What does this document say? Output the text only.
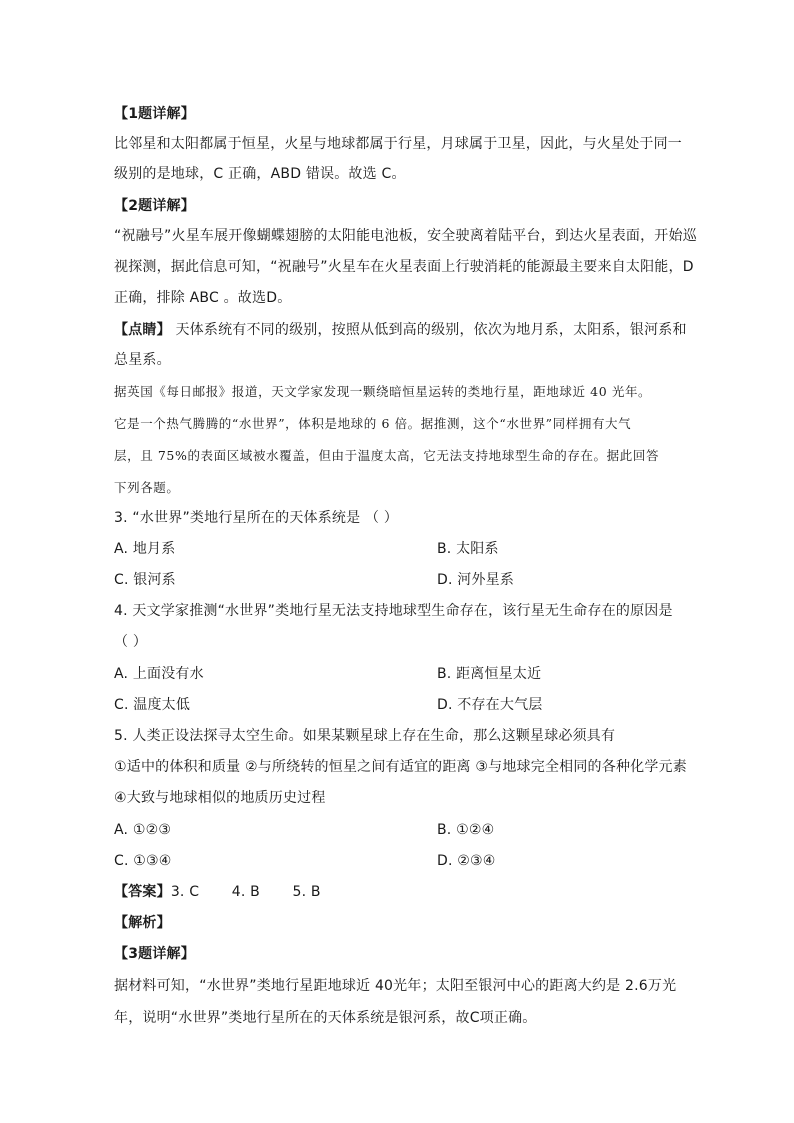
【1题详解】
比邻星和太阳都属于恒星，火星与地球都属于行星，月球属于卫星，因此，与火星处于同一
级别的是地球，C 正确，ABD 错误。故选 C。
【2题详解】
“祝融号”火星车展开像蝴蝶翅膀的太阳能电池板，安全驶离着陆平台，到达火星表面，开始巡
视探测，据此信息可知，“祝融号”火星车在火星表面上行驶消耗的能源最主要来自太阳能，D
正确，排除 ABC 。故选D。
【点睛】 天体系统有不同的级别，按照从低到高的级别，依次为地月系，太阳系，银河系和
总星系。
据英国《每日邮报》报道，天文学家发现一颗绕暗恒星运转的类地行星，距地球近 40 光年。
它是一个热气腾腾的“水世界”，体积是地球的 6 倍。据推测，这个“水世界”同样拥有大气
层，且 75%的表面区域被水覆盖，但由于温度太高，它无法支持地球型生命的存在。据此回答
下列各题。
3. “水世界”类地行星所在的天体系统是 （ ）
A. 地月系	B. 太阳系
C. 银河系	D. 河外星系
4. 天文学家推测“水世界”类地行星无法支持地球型生命存在，该行星无生命存在的原因是
（ ）
A. 上面没有水	B. 距离恒星太近
C. 温度太低	D. 不存在大气层
5. 人类正设法探寻太空生命。如果某颗星球上存在生命，那么这颗星球必须具有
①适中的体积和质量 ②与所绕转的恒星之间有适宜的距离 ③与地球完全相同的各种化学元素
④大致与地球相似的地质历史过程
A. ①②③	B. ①②④
C. ①③④	D. ②③④
【答案】3. C       4. B       5. B
【解析】
【3题详解】
据材料可知，“水世界”类地行星距地球近 40光年；太阳至银河中心的距离大约是 2.6万光
年，说明“水世界”类地行星所在的天体系统是银河系，故C项正确。
